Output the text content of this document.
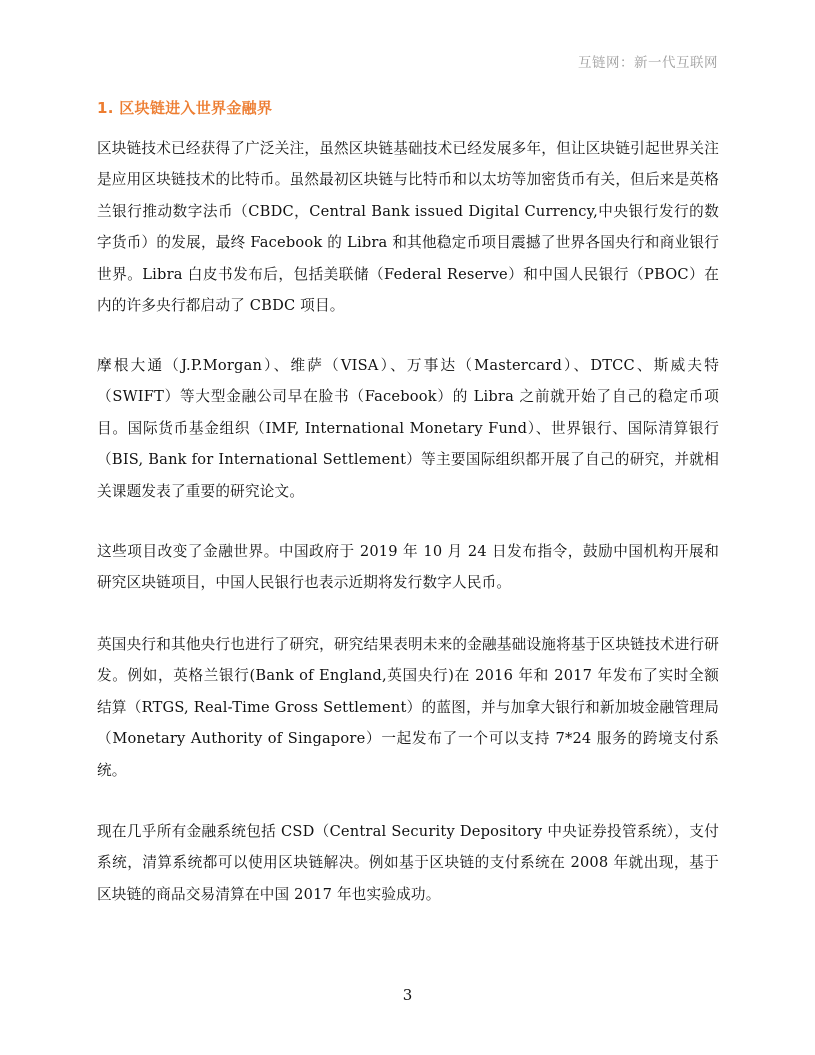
互链网：新一代互联网
1. 区块链进入世界金融界

区块链技术已经获得了广泛关注，虽然区块链基础技术已经发展多年，但让区块链引起世界关注是应用区块链技术的比特币。虽然最初区块链与比特币和以太坊等加密货币有关，但后来是英格兰银行推动数字法币（CBDC，Central Bank issued Digital Currency,中央银行发行的数字货币）的发展，最终 Facebook 的 Libra 和其他稳定币项目震撼了世界各国央行和商业银行世界。Libra 白皮书发布后，包括美联储（Federal Reserve）和中国人民银行（PBOC）在内的许多央行都启动了 CBDC 项目。

摩根大通（J.P.Morgan）、维萨（VISA）、万事达（Mastercard）、DTCC、斯威夫特（SWIFT）等大型金融公司早在脸书（Facebook）的 Libra 之前就开始了自己的稳定币项目。国际货币基金组织（IMF, International Monetary Fund）、世界银行、国际清算银行（BIS, Bank for International Settlement）等主要国际组织都开展了自己的研究，并就相关课题发表了重要的研究论文。

这些项目改变了金融世界。中国政府于 2019 年 10 月 24 日发布指令，鼓励中国机构开展和研究区块链项目，中国人民银行也表示近期将发行数字人民币。

英国央行和其他央行也进行了研究，研究结果表明未来的金融基础设施将基于区块链技术进行研发。例如，英格兰银行(Bank of England,英国央行)在 2016 年和 2017 年发布了实时全额结算（RTGS, Real-Time Gross Settlement）的蓝图，并与加拿大银行和新加坡金融管理局（Monetary Authority of Singapore）一起发布了一个可以支持 7*24 服务的跨境支付系统。

现在几乎所有金融系统包括 CSD（Central Security Depository 中央证券投管系统），支付系统，清算系统都可以使用区块链解决。例如基于区块链的支付系统在 2008 年就出现，基于区块链的商品交易清算在中国 2017 年也实验成功。

3
